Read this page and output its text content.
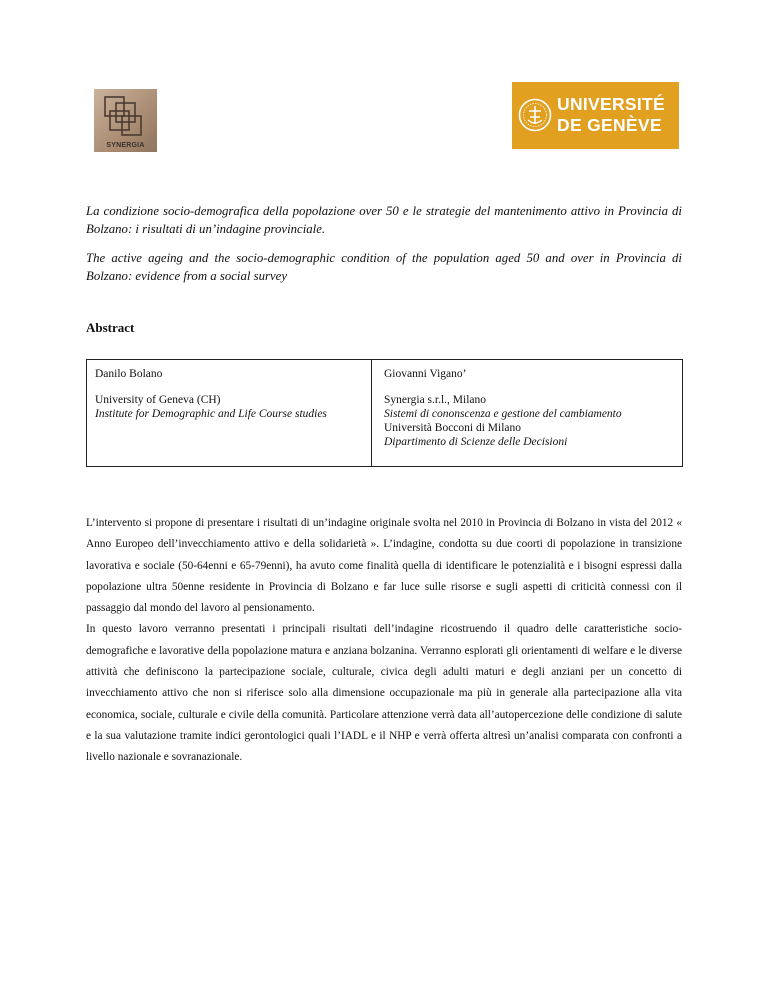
SYNERGIA
UNIVERSITÉ
DE GENÈVE
La condizione socio-demografica della popolazione over 50 e le strategie del mantenimento attivo in Provincia di Bolzano: i risultati di un’indagine provinciale.
The active ageing and the socio-demographic condition of the population aged 50 and over in Provincia di Bolzano: evidence from a social survey
Abstract
Danilo Bolano
University of Geneva (CH)
Institute for Demographic and Life Course studies
Giovanni Vigano’
Synergia s.r.l., Milano
Sistemi di cononscenza e gestione del cambiamento
Università Bocconi di Milano
Dipartimento di Scienze delle Decisioni

L’intervento si propone di presentare i risultati di un’indagine originale svolta nel 2010 in Provincia di Bolzano in vista del 2012 « Anno Europeo dell’invecchiamento attivo e della solidarietà ». L’indagine, condotta su due coorti di popolazione in transizione lavorativa e sociale (50-64enni e 65-79enni), ha avuto come finalità quella di identificare le potenzialità e i bisogni espressi dalla popolazione ultra 50enne residente in Provincia di Bolzano e far luce sulle risorse e sugli aspetti di criticità connessi con il passaggio dal mondo del lavoro al pensionamento.

In questo lavoro verranno presentati i principali risultati dell’indagine ricostruendo il quadro delle caratteristiche socio-demografiche e lavorative della popolazione matura e anziana bolzanina. Verranno esplorati gli orientamenti di welfare e le diverse attività che definiscono la partecipazione sociale, culturale, civica degli adulti maturi e degli anziani per un concetto di invecchiamento attivo che non si riferisce solo alla dimensione occupazionale ma più in generale alla partecipazione alla vita economica, sociale, culturale e civile della comunità. Particolare attenzione verrà data all’autopercezione delle condizione di salute e la sua valutazione tramite indici gerontologici quali l’IADL e il NHP e verrà offerta altresì un’analisi comparata con confronti a livello nazionale e sovranazionale.
